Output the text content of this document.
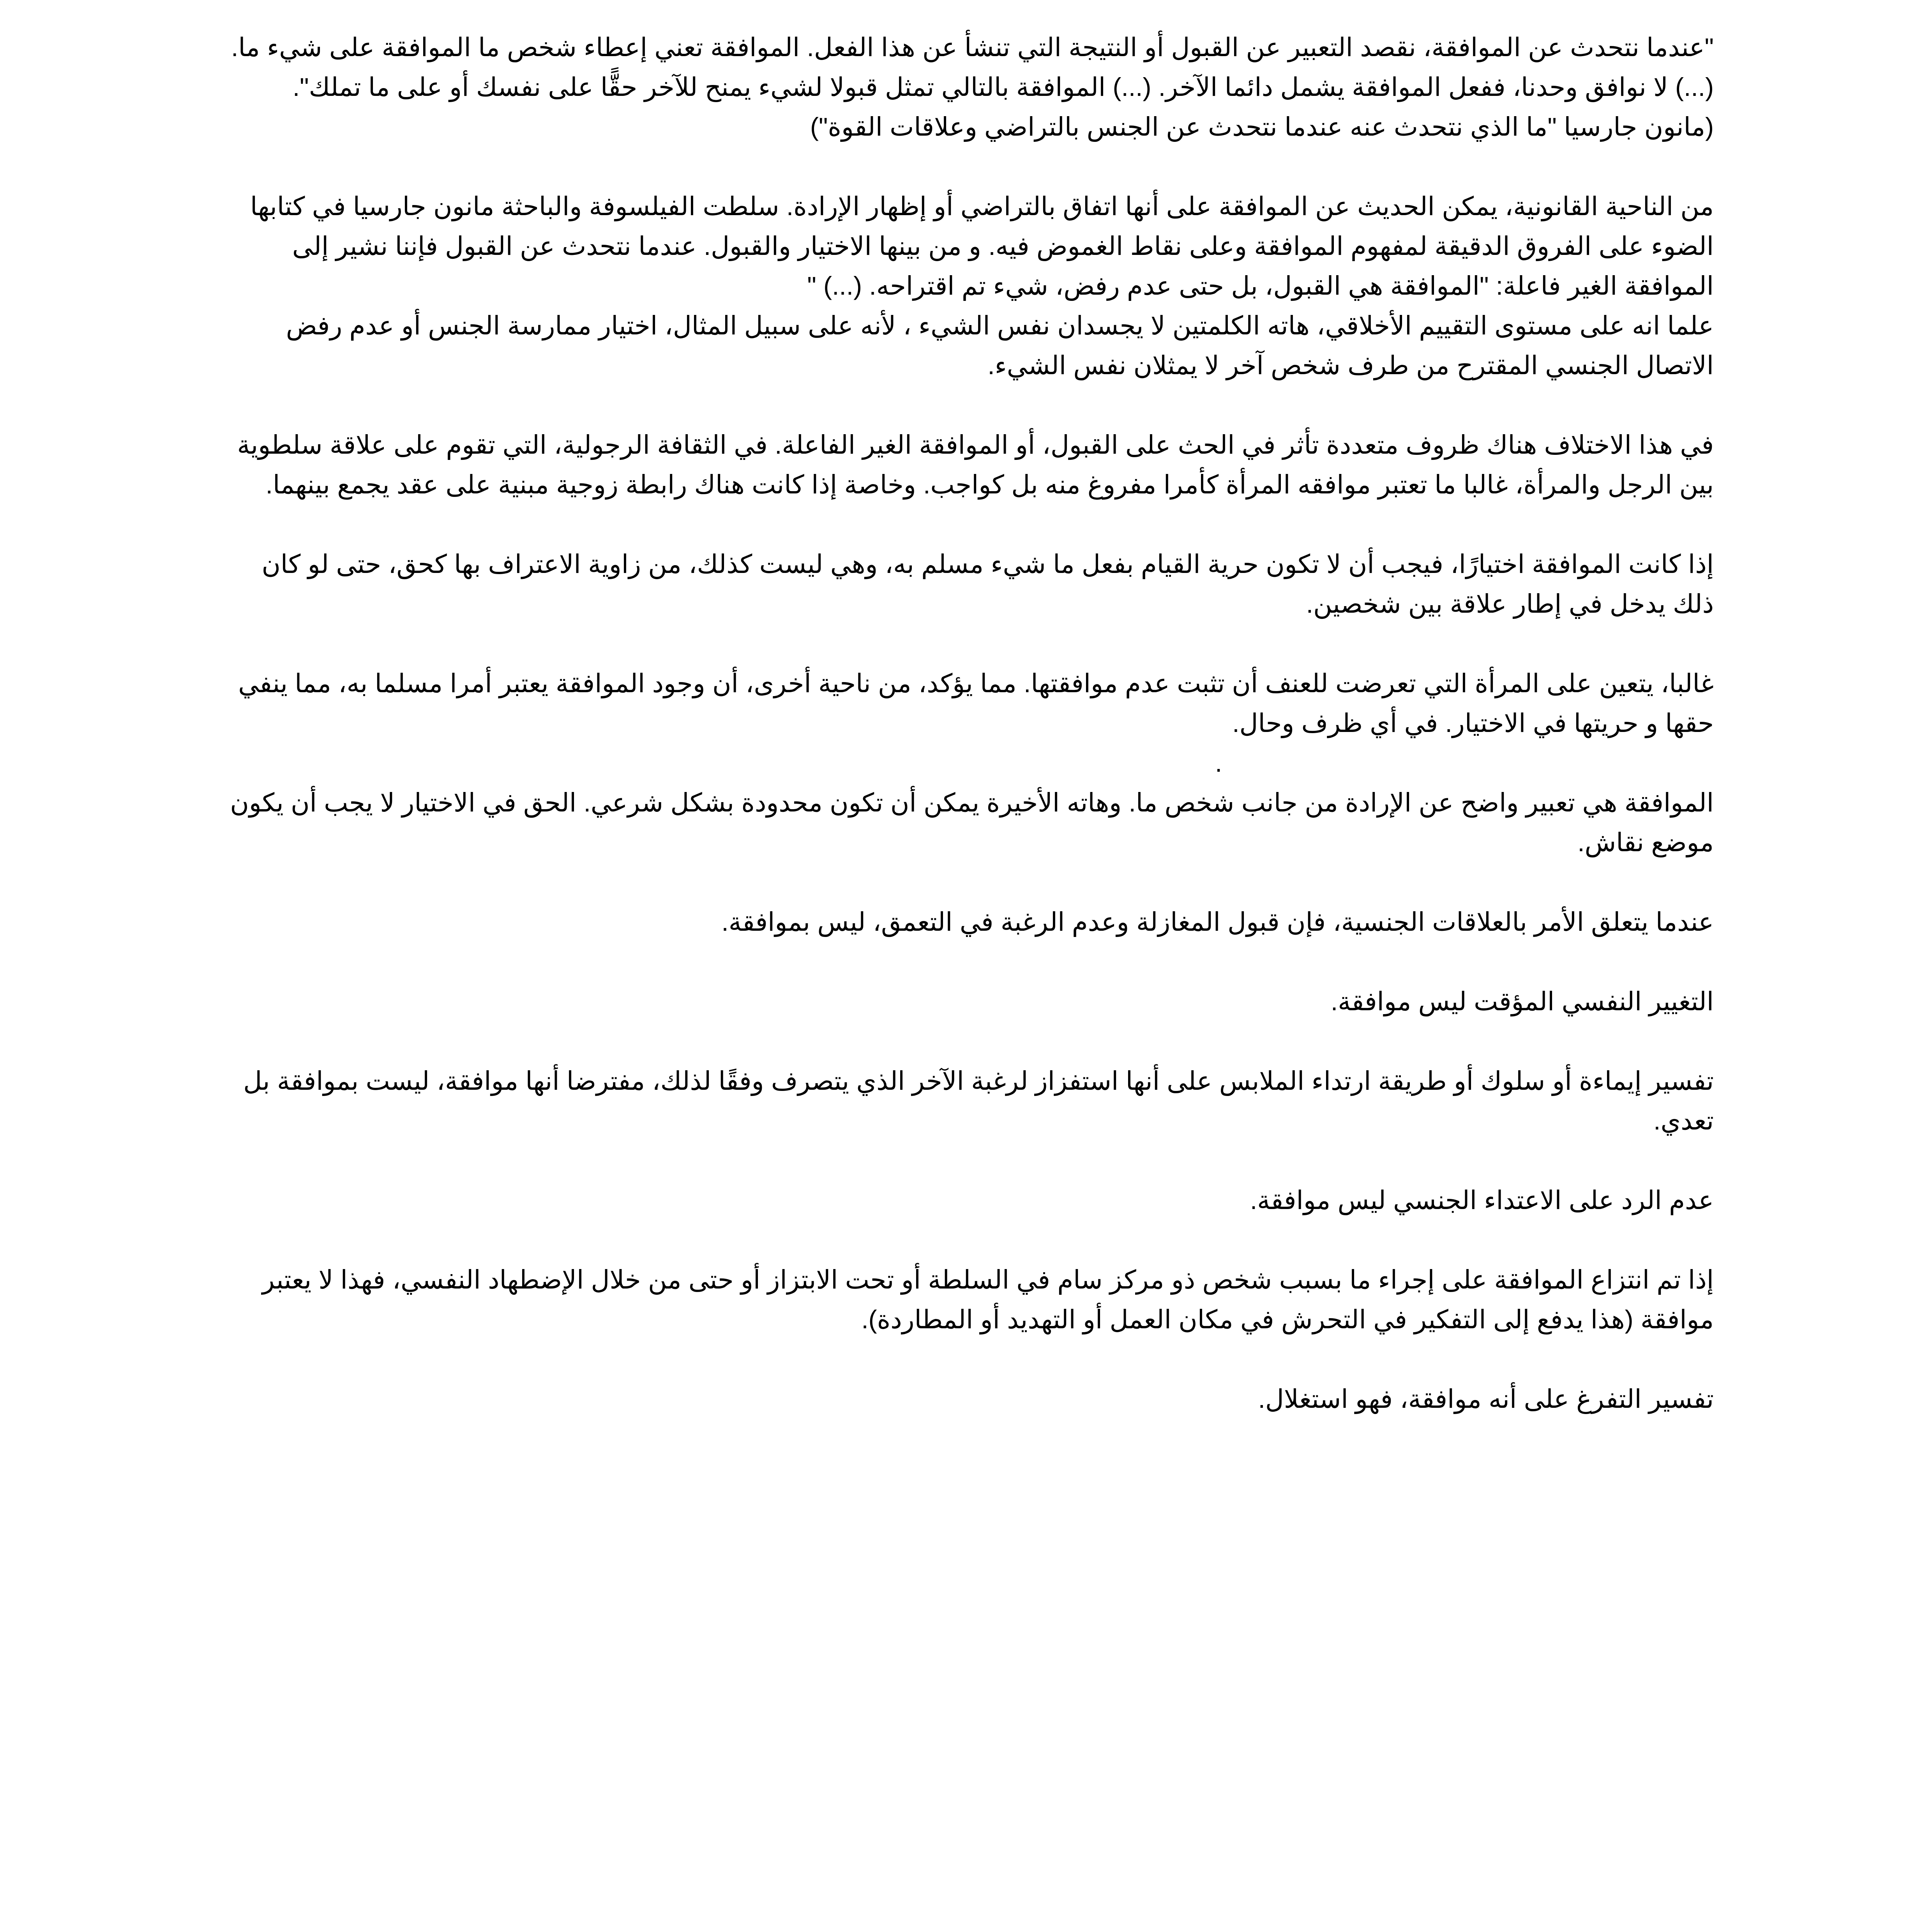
"عندما نتحدث عن الموافقة، نقصد التعبير عن القبول أو النتيجة التي تنشأ عن هذا الفعل. الموافقة تعني إعطاء شخص ما الموافقة على شيء ما. (...) لا نوافق وحدنا، ففعل الموافقة يشمل دائما الآخر. (...) الموافقة بالتالي تمثل قبولا لشيء يمنح للآخر حقًّا على نفسك أو على ما تملك". (مانون جارسيا "ما الذي نتحدث عنه عندما نتحدث عن الجنس بالتراضي وعلاقات القوة")

من الناحية القانونية، يمكن الحديث عن الموافقة على أنها اتفاق بالتراضي أو إظهار الإرادة. سلطت الفيلسوفة والباحثة مانون جارسيا في كتابها الضوء على الفروق الدقيقة لمفهوم الموافقة وعلى نقاط الغموض فيه. و من بينها الاختيار والقبول. عندما نتحدث عن القبول فإننا نشير إلى الموافقة الغير فاعلة: "الموافقة هي القبول، بل حتى عدم رفض، شيء تم اقتراحه. (...) "

علما انه على مستوى التقييم الأخلاقي، هاته الكلمتين لا يجسدان نفس الشيء ، لأنه على سبيل المثال، اختيار ممارسة الجنس أو عدم رفض الاتصال الجنسي المقترح من طرف شخص آخر لا يمثلان نفس الشيء.

في هذا الاختلاف هناك ظروف متعددة تأثر في الحث على القبول، أو الموافقة الغير الفاعلة. في الثقافة الرجولية، التي تقوم على علاقة سلطوية بين الرجل والمرأة، غالبا ما تعتبر موافقه المرأة كأمرا مفروغ منه بل كواجب. وخاصة إذا كانت هناك رابطة زوجية مبنية على عقد يجمع بينهما.

إذا كانت الموافقة اختيارًا، فيجب أن لا تكون حرية القيام بفعل ما شيء مسلم به، وهي ليست كذلك، من زاوية الاعتراف بها كحق، حتى لو كان ذلك يدخل في إطار علاقة بين شخصين.

غالبا، يتعين على المرأة التي تعرضت للعنف أن تثبت عدم موافقتها. مما يؤكد، من ناحية أخرى، أن وجود الموافقة يعتبر أمرا مسلما به، مما ينفي حقها و حريتها في الاختيار. في أي ظرف وحال.

.

الموافقة هي تعبير واضح عن الإرادة من جانب شخص ما. وهاته الأخيرة يمكن أن تكون محدودة بشكل شرعي. الحق في الاختيار لا يجب أن يكون موضع نقاش.

عندما يتعلق الأمر بالعلاقات الجنسية، فإن قبول المغازلة وعدم الرغبة في التعمق، ليس بموافقة.

التغيير النفسي المؤقت ليس موافقة.

تفسير إيماءة أو سلوك أو طريقة ارتداء الملابس على أنها استفزاز لرغبة الآخر الذي يتصرف وفقًا لذلك، مفترضا أنها موافقة، ليست بموافقة بل تعدي.

عدم الرد على الاعتداء الجنسي ليس موافقة.

إذا تم انتزاع الموافقة على إجراء ما بسبب شخص ذو مركز سام في السلطة أو تحت الابتزاز أو حتى من خلال الإضطهاد النفسي، فهذا لا يعتبر موافقة (هذا يدفع إلى التفكير في التحرش في مكان العمل أو التهديد أو المطاردة).

تفسير التفرغ على أنه موافقة، فهو استغلال.
